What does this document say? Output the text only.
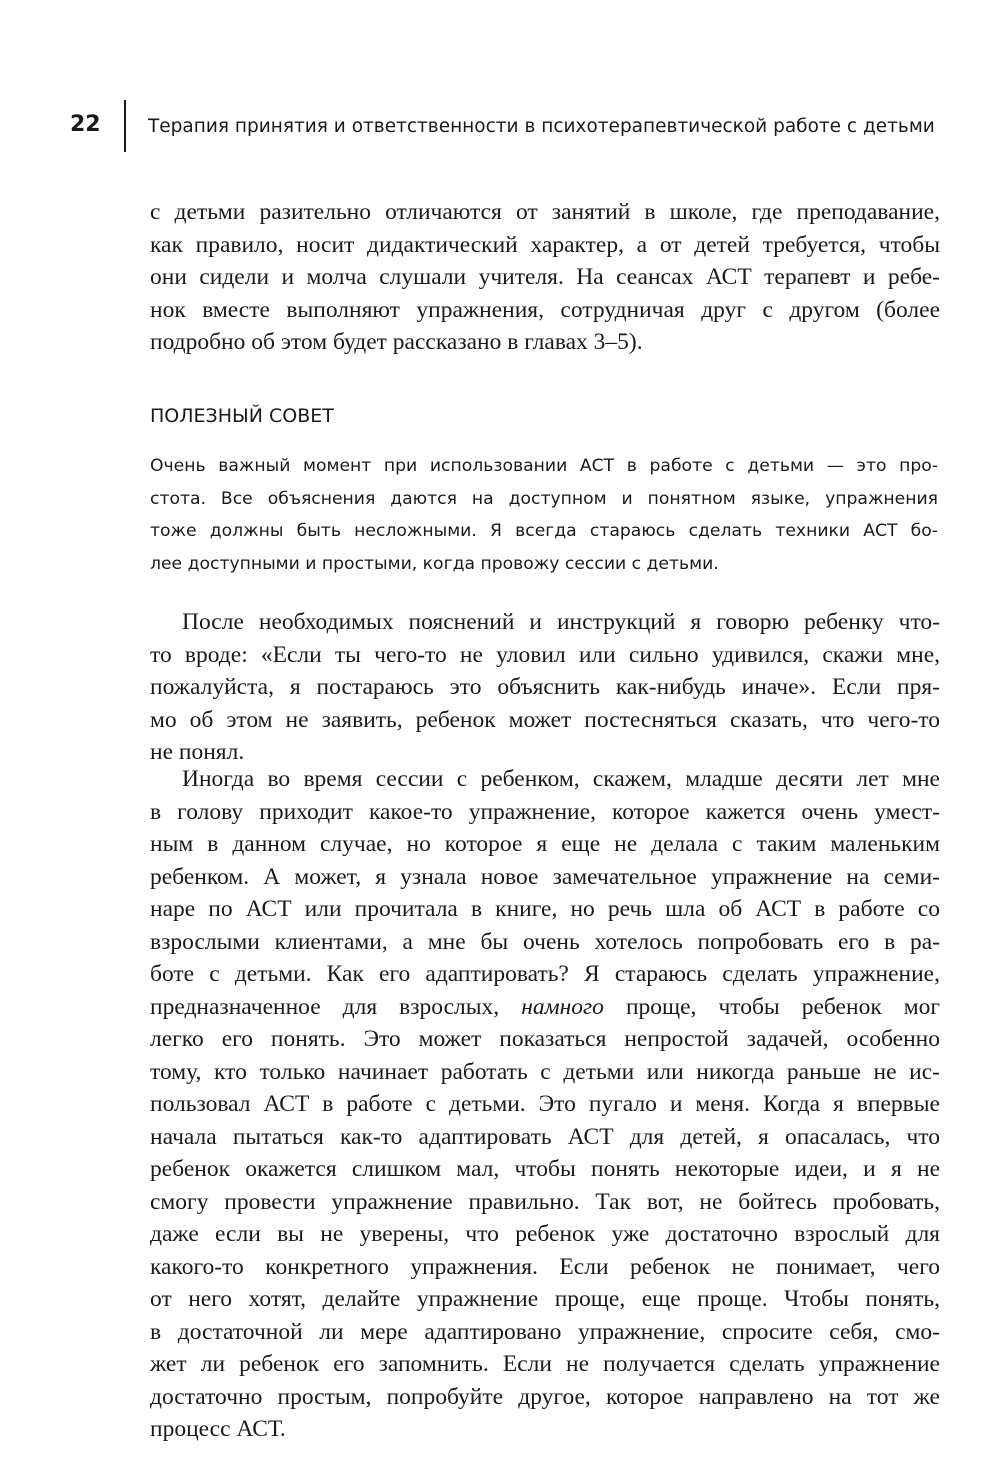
22	Терапия принятия и ответственности в психотерапевтической работе с детьми
с детьми разительно отличаются от занятий в школе, где преподавание,
как правило, носит дидактический характер, а от детей требуется, чтобы
они сидели и молча слушали учителя. На сеансах АСТ терапевт и ребе-
нок вместе выполняют упражнения, сотрудничая друг с другом (более
подробно об этом будет рассказано в главах 3–5).
ПОЛЕЗНЫЙ СОВЕТ
Очень важный момент при использовании АСТ в работе с детьми — это про-
стота. Все объяснения даются на доступном и понятном языке, упражнения
тоже должны быть несложными. Я всегда стараюсь сделать техники АСТ бо-
лее доступными и простыми, когда провожу сессии с детьми.
После необходимых пояснений и инструкций я говорю ребенку что-
то вроде: «Если ты чего-то не уловил или сильно удивился, скажи мне,
пожалуйста, я постараюсь это объяснить как-нибудь иначе». Если пря-
мо об этом не заявить, ребенок может постесняться сказать, что чего-то
не понял.
Иногда во время сессии с ребенком, скажем, младше десяти лет мне
в голову приходит какое-то упражнение, которое кажется очень умест-
ным в данном случае, но которое я еще не делала с таким маленьким
ребенком. А может, я узнала новое замечательное упражнение на семи-
наре по АСТ или прочитала в книге, но речь шла об АСТ в работе со
взрослыми клиентами, а мне бы очень хотелось попробовать его в ра-
боте с детьми. Как его адаптировать? Я стараюсь сделать упражнение,
предназначенное для взрослых, намного проще, чтобы ребенок мог
легко его понять. Это может показаться непростой задачей, особенно
тому, кто только начинает работать с детьми или никогда раньше не ис-
пользовал АСТ в работе с детьми. Это пугало и меня. Когда я впервые
начала пытаться как-то адаптировать АСТ для детей, я опасалась, что
ребенок окажется слишком мал, чтобы понять некоторые идеи, и я не
смогу провести упражнение правильно. Так вот, не бойтесь пробовать,
даже если вы не уверены, что ребенок уже достаточно взрослый для
какого-то конкретного упражнения. Если ребенок не понимает, чего
от него хотят, делайте упражнение проще, еще проще. Чтобы понять,
в достаточной ли мере адаптировано упражнение, спросите себя, смо-
жет ли ребенок его запомнить. Если не получается сделать упражнение
достаточно простым, попробуйте другое, которое направлено на тот же
процесс АСТ.
